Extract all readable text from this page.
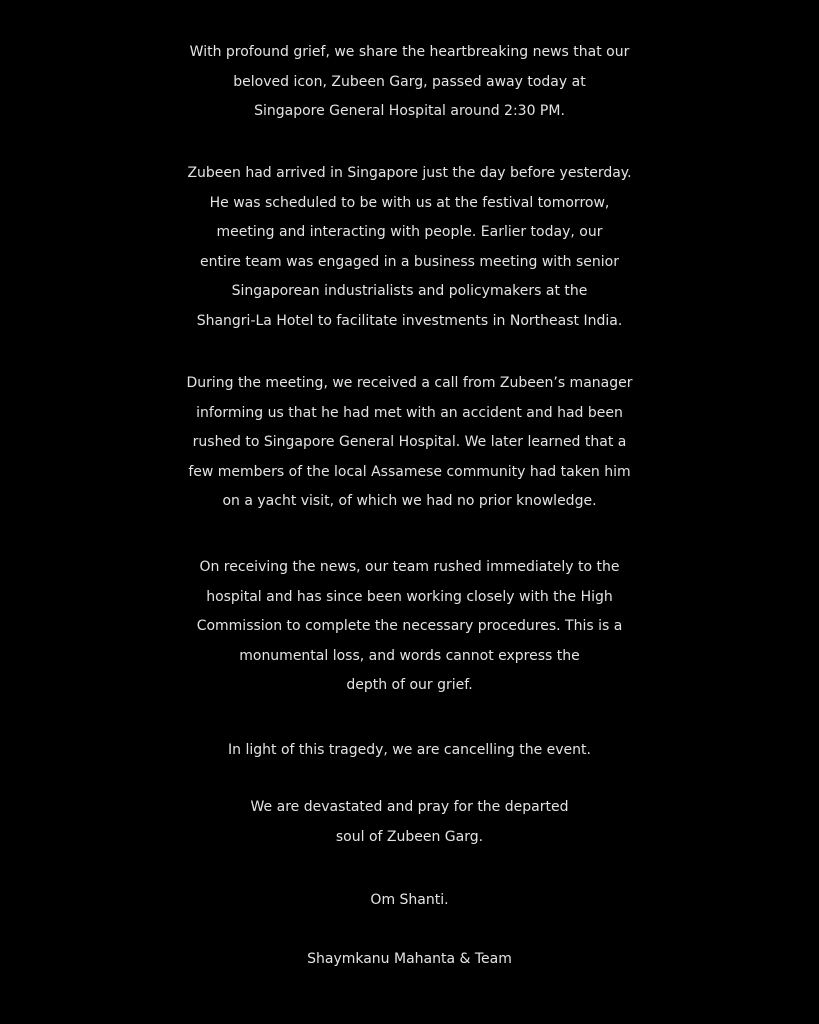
With profound grief, we share the heartbreaking news that our
beloved icon, Zubeen Garg, passed away today at
Singapore General Hospital around 2:30 PM.

Zubeen had arrived in Singapore just the day before yesterday.
He was scheduled to be with us at the festival tomorrow,
meeting and interacting with people. Earlier today, our
entire team was engaged in a business meeting with senior
Singaporean industrialists and policymakers at the
Shangri-La Hotel to facilitate investments in Northeast India.

During the meeting, we received a call from Zubeen’s manager
informing us that he had met with an accident and had been
rushed to Singapore General Hospital. We later learned that a
few members of the local Assamese community had taken him
on a yacht visit, of which we had no prior knowledge.

On receiving the news, our team rushed immediately to the
hospital and has since been working closely with the High
Commission to complete the necessary procedures. This is a
monumental loss, and words cannot express the
depth of our grief.

In light of this tragedy, we are cancelling the event.

We are devastated and pray for the departed
soul of Zubeen Garg.

Om Shanti.

Shaymkanu Mahanta & Team
